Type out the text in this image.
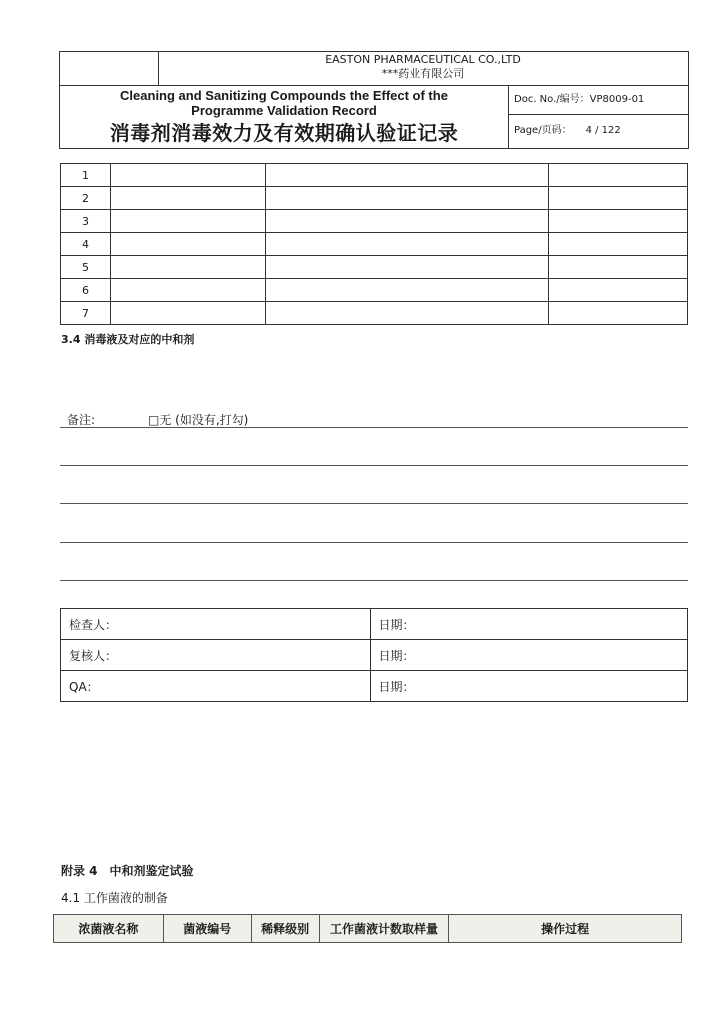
EASTON PHARMACEUTICAL CO.,LTD
***药业有限公司
Cleaning and Sanitizing Compounds the Effect of the
Programme Validation Record
消毒剂消毒效力及有效期确认验证记录
Doc. No./编号：VP8009-01
Page/页码： 4 / 122
1			
2			
3			
4			
5			
6			
7			
3.4 消毒液及对应的中和剂
备注:	□无 (如没有,打勾)
检查人：	日期：
复核人：	日期：
QA：	日期：
附录 4　中和剂鉴定试验
4.1 工作菌液的制备
浓菌液名称	菌液编号	稀释级别	工作菌液计数取样量	操作过程
